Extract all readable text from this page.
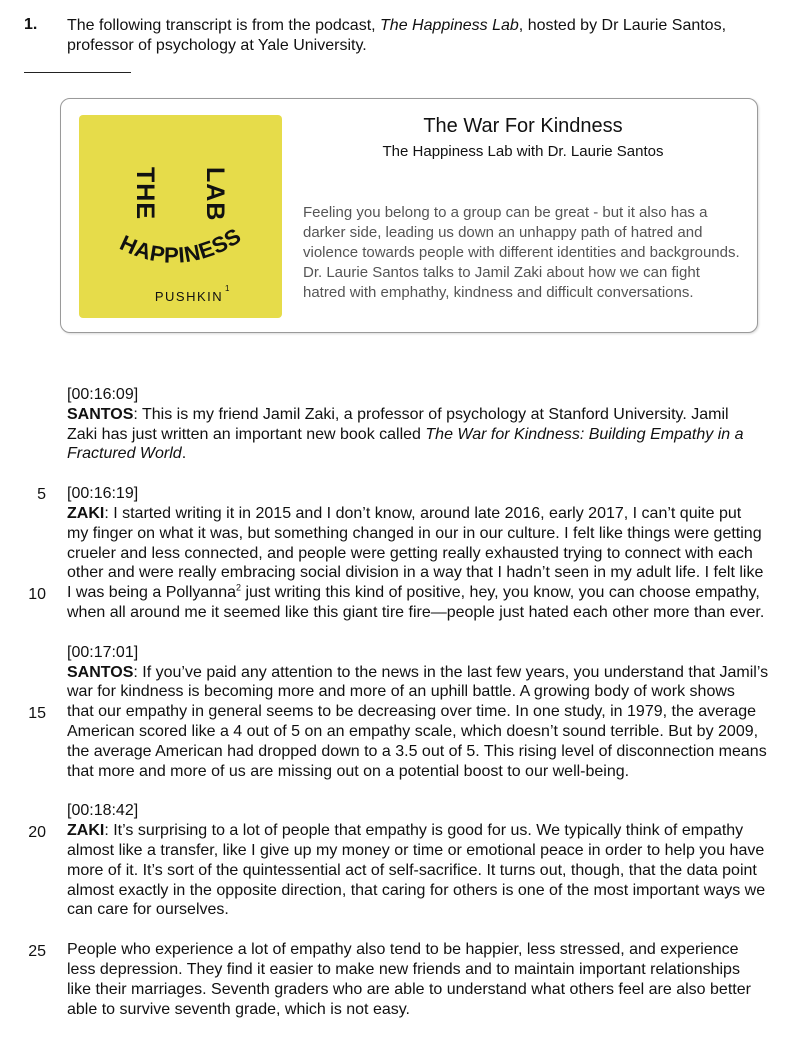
1. The following transcript is from the podcast, The Happiness Lab, hosted by Dr Laurie Santos,
professor of psychology at Yale University.
THE LAB
HAPPINESS
PUSHKIN
1
The War For Kindness
The Happiness Lab with Dr. Laurie Santos
Feeling you belong to a group can be great - but it also has a darker side, leading us down an unhappy path of hatred and violence towards people with different identities and backgrounds. Dr. Laurie Santos talks to Jamil Zaki about how we can fight hatred with emphathy, kindness and difficult conversations.
5
10
15
20
25
[00:16:09]
SANTOS: This is my friend Jamil Zaki, a professor of psychology at Stanford University. Jamil
Zaki has just written an important new book called The War for Kindness: Building Empathy in a
Fractured World.
[00:16:19]
ZAKI: I started writing it in 2015 and I don’t know, around late 2016, early 2017, I can’t quite put
my finger on what it was, but something changed in our in our culture. I felt like things were getting
crueler and less connected, and people were getting really exhausted trying to connect with each
other and were really embracing social division in a way that I hadn’t seen in my adult life. I felt like
I was being a Pollyanna$^2$ just writing this kind of positive, hey, you know, you can choose empathy,
when all around me it seemed like this giant tire fire—people just hated each other more than ever.
[00:17:01]
SANTOS: If you’ve paid any attention to the news in the last few years, you understand that Jamil’s
war for kindness is becoming more and more of an uphill battle. A growing body of work shows
that our empathy in general seems to be decreasing over time. In one study, in 1979, the average
American scored like a 4 out of 5 on an empathy scale, which doesn’t sound terrible. But by 2009,
the average American had dropped down to a 3.5 out of 5. This rising level of disconnection means
that more and more of us are missing out on a potential boost to our well-being.
[00:18:42]
ZAKI: It’s surprising to a lot of people that empathy is good for us. We typically think of empathy
almost like a transfer, like I give up my money or time or emotional peace in order to help you have
more of it. It’s sort of the quintessential act of self-sacrifice. It turns out, though, that the data point
almost exactly in the opposite direction, that caring for others is one of the most important ways we
can care for ourselves.
People who experience a lot of empathy also tend to be happier, less stressed, and experience
less depression. They find it easier to make new friends and to maintain important relationships
like their marriages. Seventh graders who are able to understand what others feel are also better
able to survive seventh grade, which is not easy.
